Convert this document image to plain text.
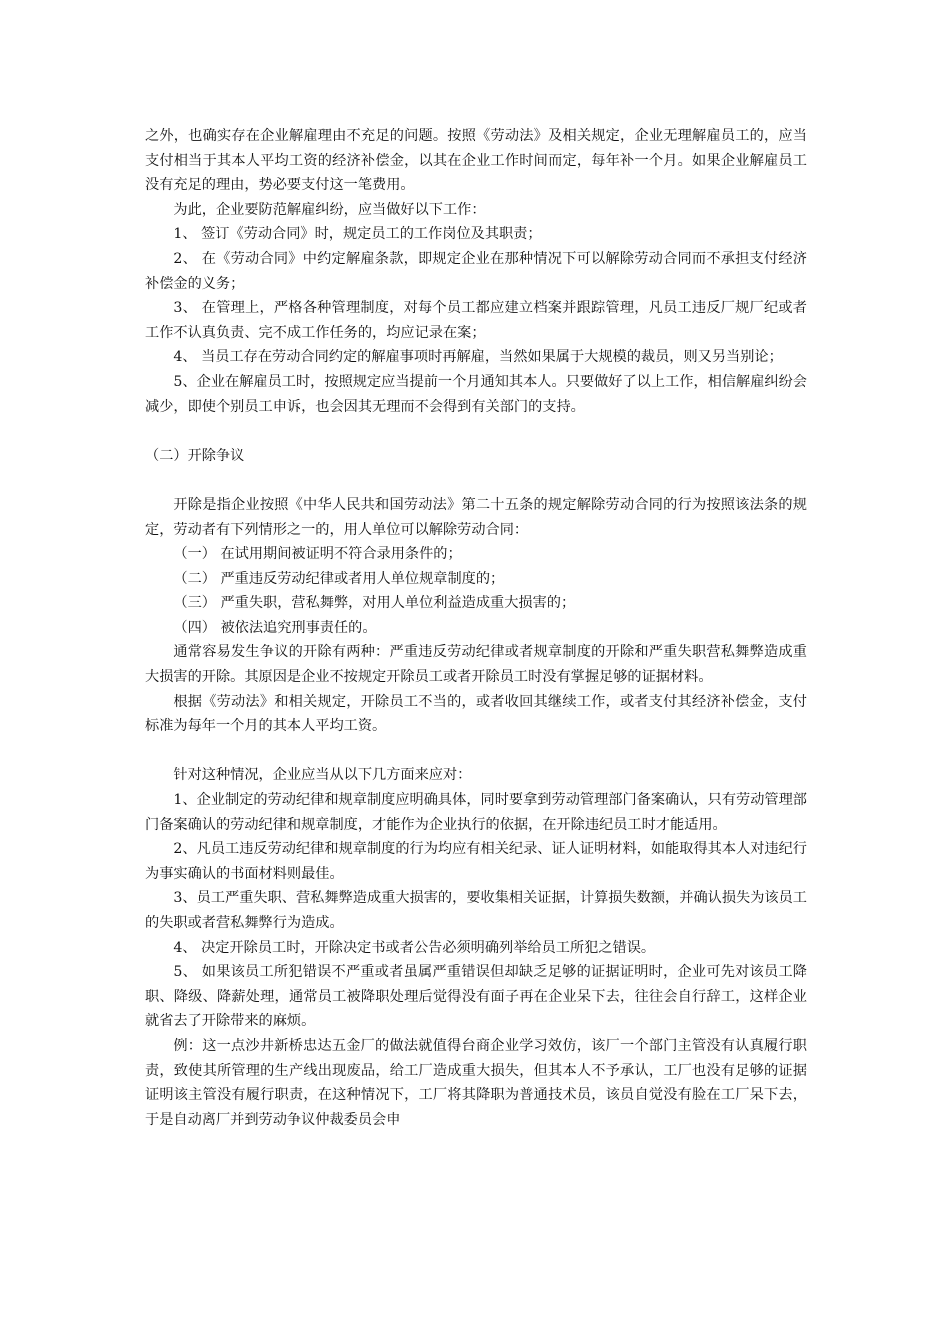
之外，也确实存在企业解雇理由不充足的问题。按照《劳动法》及相关规定，企业无理解雇员工的，应当支付相当于其本人平均工资的经济补偿金，以其在企业工作时间而定，每年补一个月。如果企业解雇员工没有充足的理由，势必要支付这一笔费用。

为此，企业要防范解雇纠纷，应当做好以下工作：

1、 签订《劳动合同》时，规定员工的工作岗位及其职责；

2、 在《劳动合同》中约定解雇条款，即规定企业在那种情况下可以解除劳动合同而不承担支付经济补偿金的义务；

3、 在管理上，严格各种管理制度，对每个员工都应建立档案并跟踪管理，凡员工违反厂规厂纪或者工作不认真负责、完不成工作任务的，均应记录在案；

4、 当员工存在劳动合同约定的解雇事项时再解雇，当然如果属于大规模的裁员，则又另当别论；

5、企业在解雇员工时，按照规定应当提前一个月通知其本人。只要做好了以上工作，相信解雇纠纷会减少，即使个别员工申诉，也会因其无理而不会得到有关部门的支持。

（二）开除争议

开除是指企业按照《中华人民共和国劳动法》第二十五条的规定解除劳动合同的行为按照该法条的规定，劳动者有下列情形之一的，用人单位可以解除劳动合同：

（一） 在试用期间被证明不符合录用条件的；

（二） 严重违反劳动纪律或者用人单位规章制度的；

（三） 严重失职，营私舞弊，对用人单位利益造成重大损害的；

（四） 被依法追究刑事责任的。

通常容易发生争议的开除有两种：严重违反劳动纪律或者规章制度的开除和严重失职营私舞弊造成重大损害的开除。其原因是企业不按规定开除员工或者开除员工时没有掌握足够的证据材料。

根据《劳动法》和相关规定，开除员工不当的，或者收回其继续工作，或者支付其经济补偿金，支付标准为每年一个月的其本人平均工资。

针对这种情况，企业应当从以下几方面来应对：

1、企业制定的劳动纪律和规章制度应明确具体，同时要拿到劳动管理部门备案确认，只有劳动管理部门备案确认的劳动纪律和规章制度，才能作为企业执行的依据，在开除违纪员工时才能适用。

2、凡员工违反劳动纪律和规章制度的行为均应有相关纪录、证人证明材料，如能取得其本人对违纪行为事实确认的书面材料则最佳。

3、员工严重失职、营私舞弊造成重大损害的，要收集相关证据，计算损失数额，并确认损失为该员工的失职或者营私舞弊行为造成。

4、 决定开除员工时，开除决定书或者公告必须明确列举给员工所犯之错误。

5、 如果该员工所犯错误不严重或者虽属严重错误但却缺乏足够的证据证明时，企业可先对该员工降职、降级、降薪处理，通常员工被降职处理后觉得没有面子再在企业呆下去，往往会自行辞工，这样企业就省去了开除带来的麻烦。

例：这一点沙井新桥忠达五金厂的做法就值得台商企业学习效仿，该厂一个部门主管没有认真履行职责，致使其所管理的生产线出现废品，给工厂造成重大损失，但其本人不予承认，工厂也没有足够的证据证明该主管没有履行职责，在这种情况下，工厂将其降职为普通技术员，该员自觉没有脸在工厂呆下去，于是自动离厂并到劳动争议仲裁委员会申
